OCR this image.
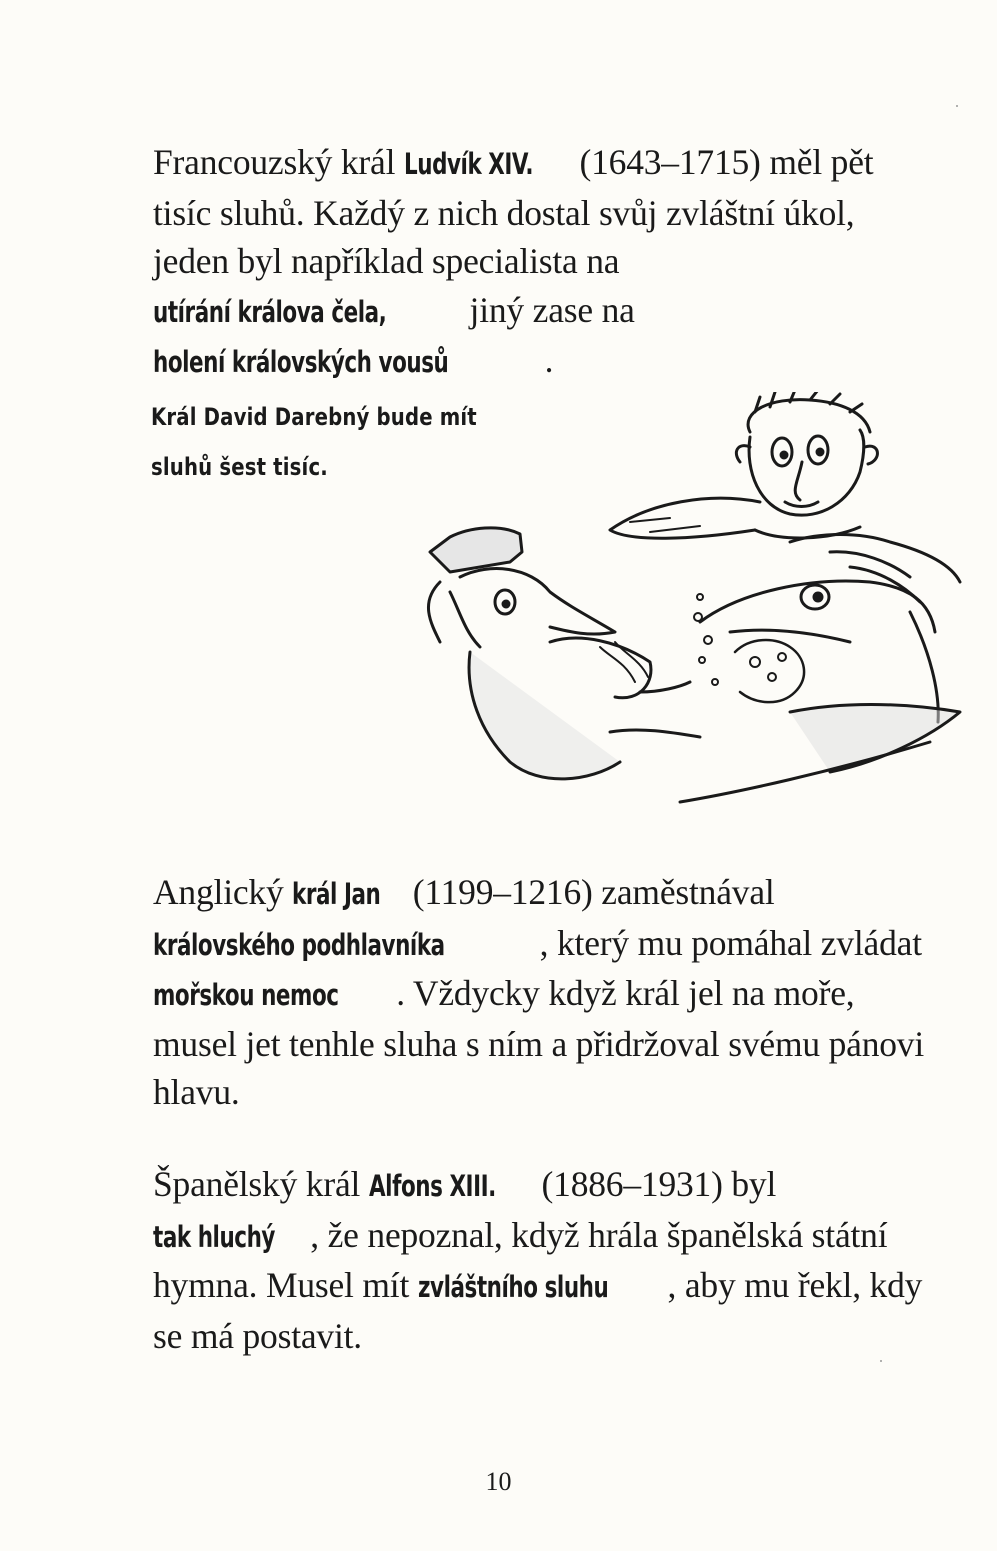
Francouzský král Ludvík XIV. (1643–1715) měl pět tisíc sluhů. Každý z nich dostal svůj zvláštní úkol, jeden byl například specialista na utírání králova čela, jiný zase na holení královských vousů	.
Král David Darebný bude mít sluhů šest tisíc.
Anglický král Jan (1199–1216) zaměstnával královského podhlavníka	, který mu pomáhal zvládat mořskou nemoc . Vždycky když král jel na moře, musel jet tenhle sluha s ním a přidržoval svému pánovi hlavu.
Španělský král Alfons XIII. (1886–1931) byl tak hluchý , že nepoznal, když hrála španělská státní hymna. Musel mít zvláštního sluhu , aby mu řekl, kdy se má postavit.
10
